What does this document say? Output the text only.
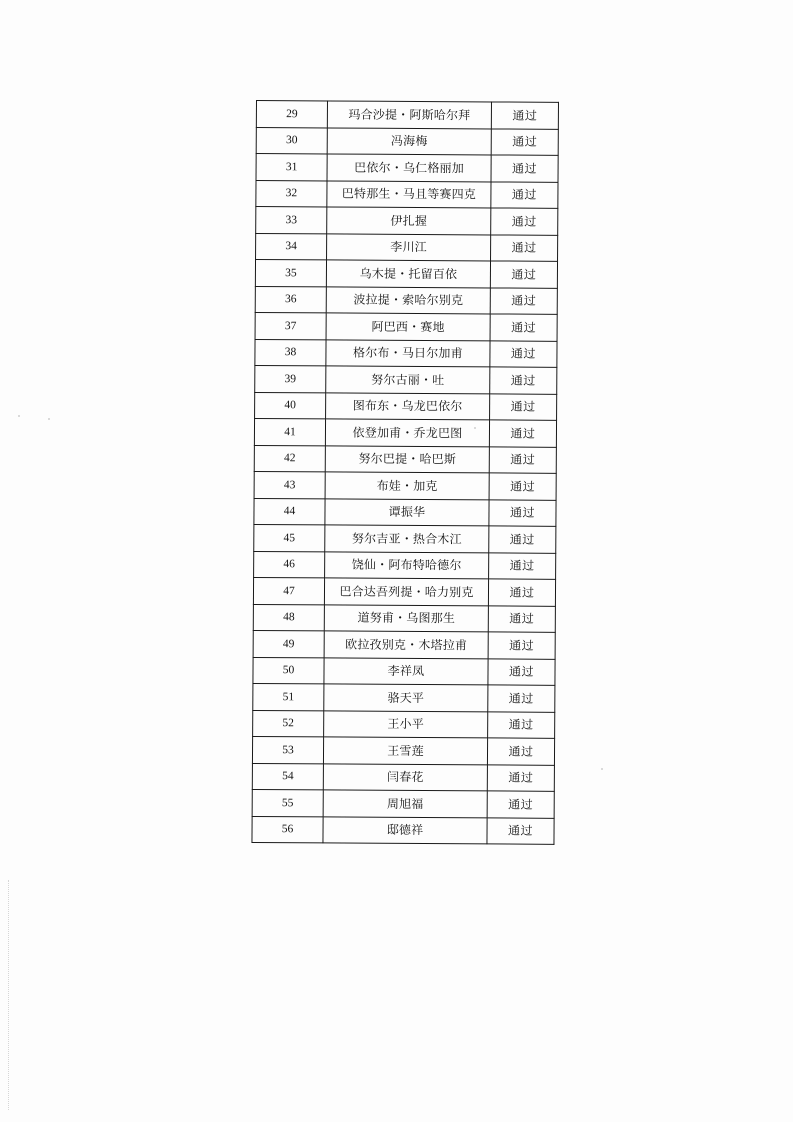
29	玛合沙提・阿斯哈尔拜	通过
30	冯海梅	通过
31	巴依尔・乌仁格丽加	通过
32	巴特那生・马且等赛四克	通过
33	伊扎握	通过
34	李川江	通过
35	乌木提・托留百依	通过
36	波拉提・索哈尔别克	通过
37	阿巴西・赛地	通过
38	格尔布・马日尔加甫	通过
39	努尔古丽・吐	通过
40	图布东・乌龙巴依尔	通过
41	依登加甫・乔龙巴图	通过
42	努尔巴提・哈巴斯	通过
43	布娃・加克	通过
44	谭振华	通过
45	努尔吉亚・热合木江	通过
46	饶仙・阿布特哈德尔	通过
47	巴合达吾列提・哈力别克	通过
48	道努甫・乌图那生	通过
49	欧拉孜别克・木塔拉甫	通过
50	李祥凤	通过
51	骆天平	通过
52	王小平	通过
53	王雪莲	通过
54	闫春花	通过
55	周旭福	通过
56	邸德祥	通过
